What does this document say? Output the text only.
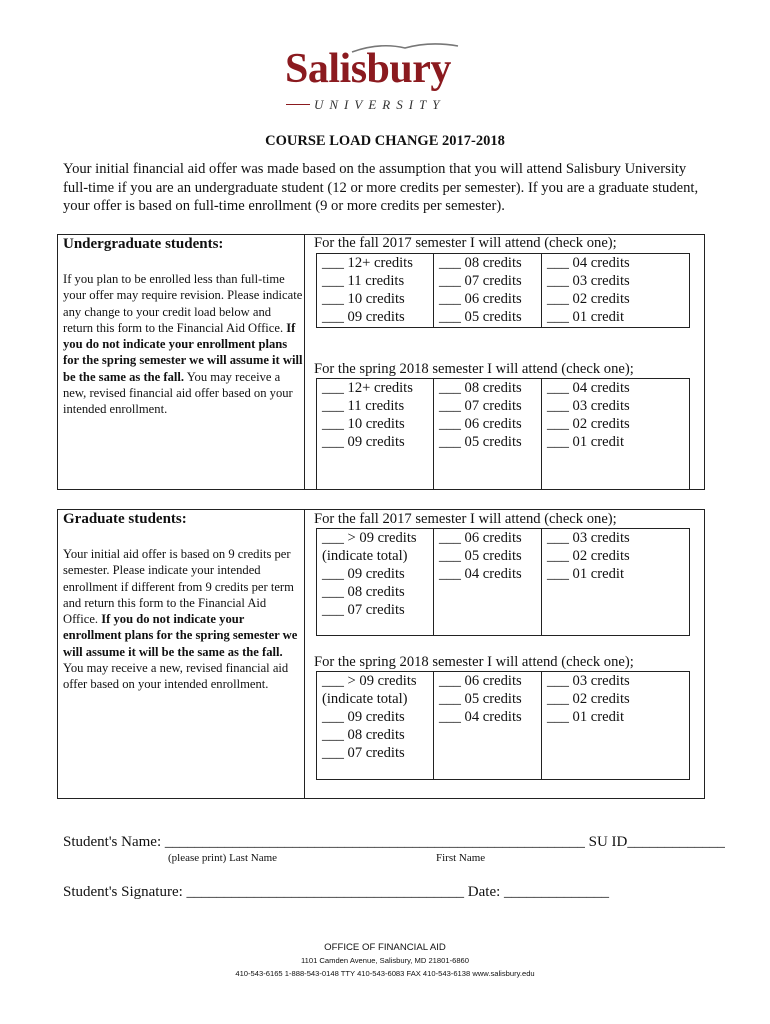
Salisbury
UNIVERSITY
COURSE LOAD CHANGE 2017-2018
Your initial financial aid offer was made based on the assumption that you will attend Salisbury University full-time if you are an undergraduate student (12 or more credits per semester). If you are a graduate student, your offer is based on full-time enrollment (9 or more credits per semester).
Undergraduate students:
If you plan to be enrolled less than full-time your offer may require revision. Please indicate any change to your credit load below and return this form to the Financial Aid Office. If you do not indicate your enrollment plans for the spring semester we will assume it will be the same as the fall. You may receive a new, revised financial aid offer based on your intended enrollment.
For the fall 2017 semester I will attend (check one);
___ 12+ credits
___ 11 credits
___ 10 credits
___ 09 credits
___ 08 credits
___ 07 credits
___ 06 credits
___ 05 credits
___ 04 credits
___ 03 credits
___ 02 credits
___ 01 credit
For the spring 2018 semester I will attend (check one);
___ 12+ credits
___ 11 credits
___ 10 credits
___ 09 credits
___ 08 credits
___ 07 credits
___ 06 credits
___ 05 credits
___ 04 credits
___ 03 credits
___ 02 credits
___ 01 credit
Graduate students:
Your initial aid offer is based on 9 credits per semester. Please indicate your intended enrollment if different from 9 credits per term and return this form to the Financial Aid Office. If you do not indicate your enrollment plans for the spring semester we will assume it will be the same as the fall. You may receive a new, revised financial aid offer based on your intended enrollment.
For the fall 2017 semester I will attend (check one);
___ > 09 credits
(indicate total)
___ 09 credits
___ 08 credits
___ 07 credits
___ 06 credits
___ 05 credits
___ 04 credits
___ 03 credits
___ 02 credits
___ 01 credit
For the spring 2018 semester I will attend (check one);
___ > 09 credits
(indicate total)
___ 09 credits
___ 08 credits
___ 07 credits
___ 06 credits
___ 05 credits
___ 04 credits
___ 03 credits
___ 02 credits
___ 01 credit
Student's Name: ________________________________________________________ SU ID_____________
(please print) Last Name	First Name
Student's Signature: _____________________________________ Date: ______________
OFFICE OF FINANCIAL AID
1101 Camden Avenue, Salisbury, MD 21801-6860
410-543-6165 1-888-543-0148 TTY 410-543-6083 FAX 410-543-6138 www.salisbury.edu
